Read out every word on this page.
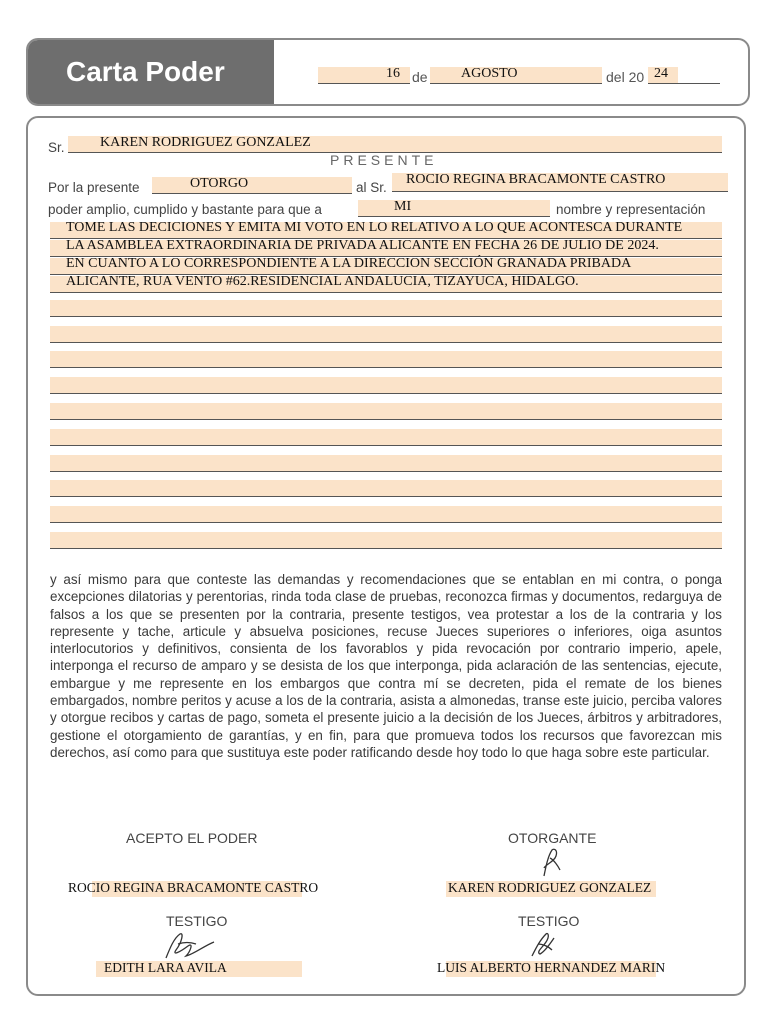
Carta Poder	16 de AGOSTO	del 20 24
Sr.	KAREN RODRIGUEZ GONZALEZ
PRESENTE
Por la presente	OTORGO	al Sr.
ROCIO REGINA BRACAMONTE CASTRO
poder amplio, cumplido y bastante para que a	MI	nombre y representación
TOME LAS DECICIONES Y EMITA MI VOTO EN LO RELATIVO A LO QUE ACONTESCA DURANTE
LA ASAMBLEA EXTRAORDINARIA DE PRIVADA ALICANTE EN FECHA 26 DE JULIO DE 2024.
EN CUANTO A LO CORRESPONDIENTE A LA DIRECCION SECCIÓN GRANADA PRIBADA
ALICANTE, RUA VENTO #62.RESIDENCIAL ANDALUCIA, TIZAYUCA, HIDALGO.
y así mismo para que conteste las demandas y recomendaciones que se entablan en mi contra, o ponga excepciones dilatorias y perentorias, rinda toda clase de pruebas, reconozca firmas y documentos, redarguya de falsos a los que se presenten por la contraria, presente testigos, vea protestar a los de la contraria y los represente y tache, articule y absuelva posiciones, recuse Jueces superiores o inferiores, oiga asuntos interlocutorios y definitivos, consienta de los favorablos y pida revocación por contrario imperio, apele, interponga el recurso de amparo y se desista de los que interponga, pida aclaración de las sentencias, ejecute, embargue y me represente en los embargos que contra mí se decreten, pida el remate de los bienes embargados, nombre peritos y acuse a los de la contraria, asista a almonedas, transe este juicio, perciba valores y otorgue recibos y cartas de pago, someta el presente juicio a la decisión de los Jueces, árbitros y arbitradores, gestione el otorgamiento de garantías, y en fin, para que promueva todos los recursos que favorezcan mis derechos, así como para que sustituya este poder ratificando desde hoy todo lo que haga sobre este particular.
ACEPTO EL PODER	OTORGANTE
ROCIO REGINA BRACAMONTE CASTRO	KAREN RODRIGUEZ GONZALEZ
TESTIGO	TESTIGO
EDITH LARA AVILA	LUIS ALBERTO HERNANDEZ MARIN
